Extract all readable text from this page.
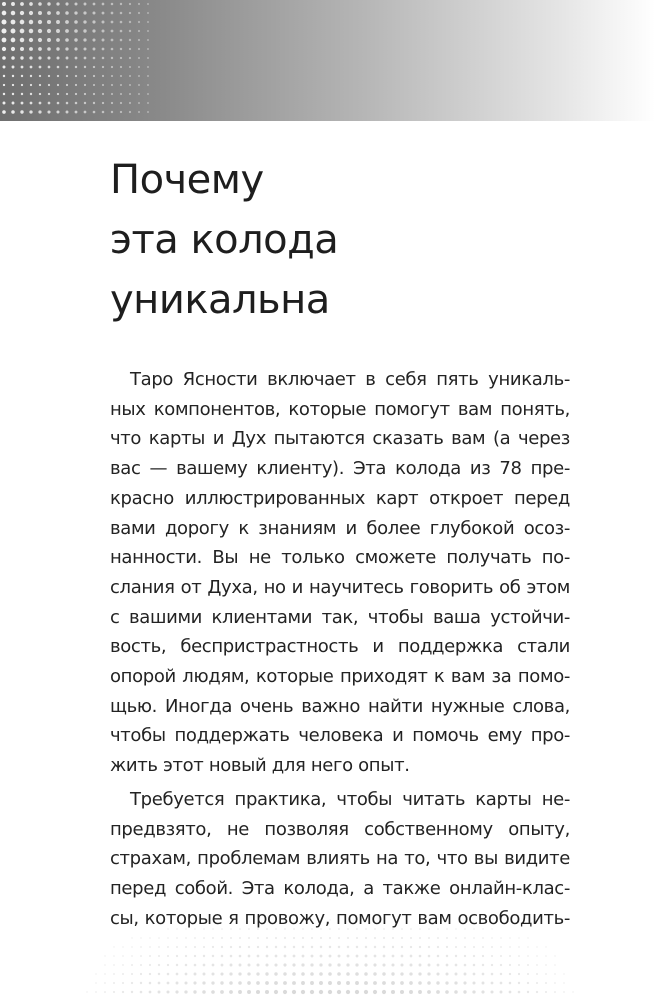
Почему
эта колода
уникальна

Таро Ясности включает в себя пять уникаль-
ных компонентов, которые помогут вам понять,
что карты и Дух пытаются сказать вам (а через
вас — вашему клиенту). Эта колода из 78 пре-
красно иллюстрированных карт откроет перед
вами дорогу к знаниям и более глубокой осоз-
нанности. Вы не только сможете получать по-
слания от Духа, но и научитесь говорить об этом
с вашими клиентами так, чтобы ваша устойчи-
вость, беспристрастность и поддержка стали
опорой людям, которые приходят к вам за помо-
щью. Иногда очень важно найти нужные слова,
чтобы поддержать человека и помочь ему про-
жить этот новый для него опыт.

Требуется практика, чтобы читать карты не-
предвзято, не позволяя собственному опыту,
страхам, проблемам влиять на то, что вы видите
перед собой. Эта колода, а также онлайн-клас-
сы, которые я провожу, помогут вам освободить-
